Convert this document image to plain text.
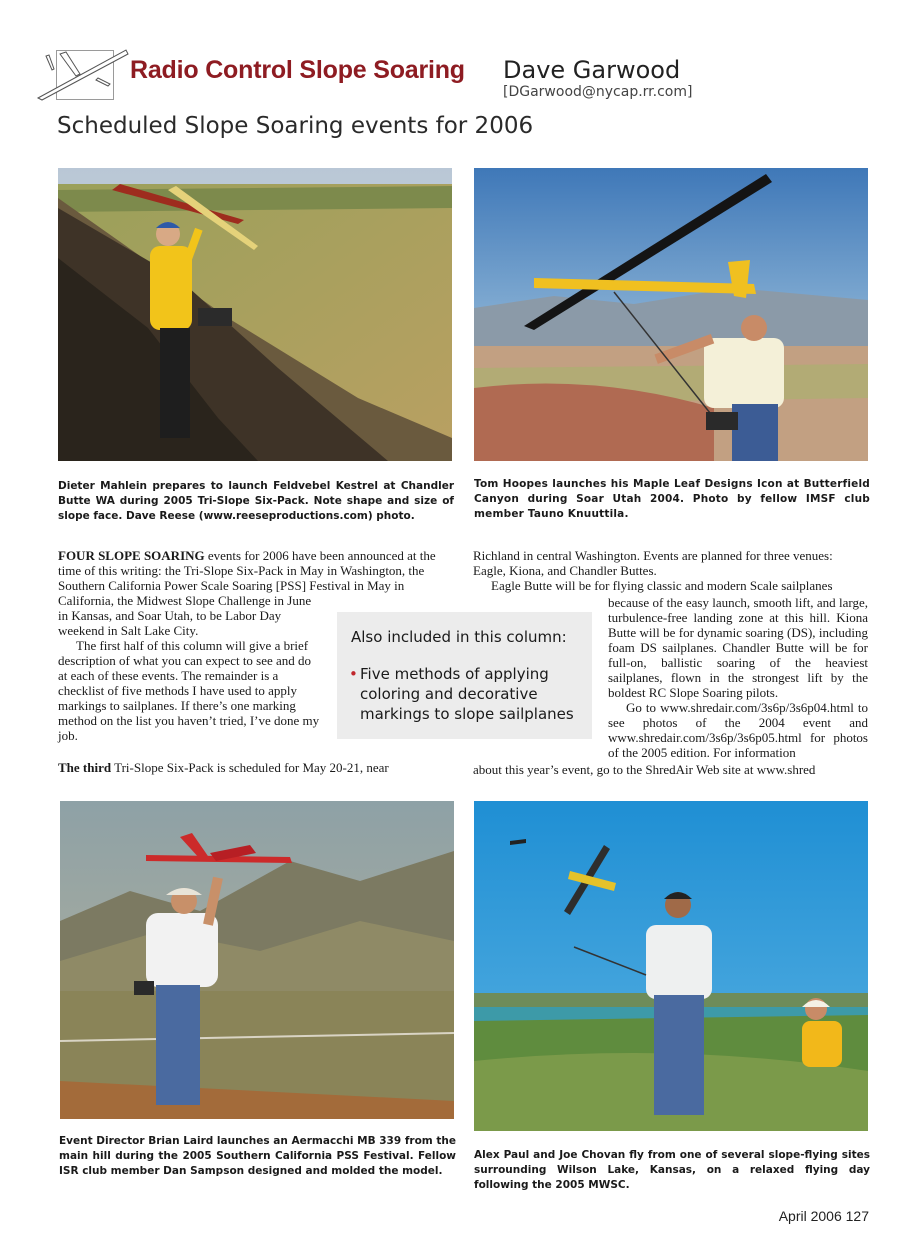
Radio Control Slope Soaring Dave Garwood
[DGarwood@nycap.rr.com]
Scheduled Slope Soaring events for 2006
Dieter Mahlein prepares to launch Feldvebel Kestrel at Chandler Butte WA during 2005 Tri-Slope Six-Pack. Note shape and size of slope face. Dave Reese (www.reeseproductions.com) photo.
Tom Hoopes launches his Maple Leaf Designs Icon at Butterfield Canyon during Soar Utah 2004. Photo by fellow IMSF club member Tauno Knuuttila.

FOUR SLOPE SOARING events for 2006 have been announced at the time of this writing: the Tri-Slope Six-Pack in May in Washington, the Southern California Power Scale Soaring [PSS] Festival in May in

California, the Midwest Slope Challenge in June in Kansas, and Soar Utah, to be Labor Day weekend in Salt Lake City.

The first half of this column will give a brief description of what you can expect to see and do at each of these events. The remainder is a checklist of five methods I have used to apply markings to sailplanes. If there’s one marking method on the list you haven’t tried, I’ve done my job.

The third Tri-Slope Six-Pack is scheduled for May 20-21, near

Richland in central Washington. Events are planned for three venues: Eagle, Kiona, and Chandler Buttes.

Eagle Butte will be for flying classic and modern Scale sailplanes

because of the easy launch, smooth lift, and large, turbulence-free landing zone at this hill. Kiona Butte will be for dynamic soaring (DS), including foam DS sailplanes. Chandler Butte will be for full-on, ballistic soaring of the heaviest sailplanes, flown in the strongest lift by the boldest RC Slope Soaring pilots.

Go to www.shredair.com/3s6p/3s6p04.html to see photos of the 2004 event and www.shredair.com/3s6p/3s6p05.html for photos of the 2005 edition. For information

about this year’s event, go to the ShredAir Web site at www.shred

Also included in this column:
• Five methods of applying coloring and decorative markings to slope sailplanes
Event Director Brian Laird launches an Aermacchi MB 339 from the main hill during the 2005 Southern California PSS Festival. Fellow ISR club member Dan Sampson designed and molded the model.
Alex Paul and Joe Chovan fly from one of several slope-flying sites surrounding Wilson Lake, Kansas, on a relaxed flying day following the 2005 MWSC.
April 2006 127
